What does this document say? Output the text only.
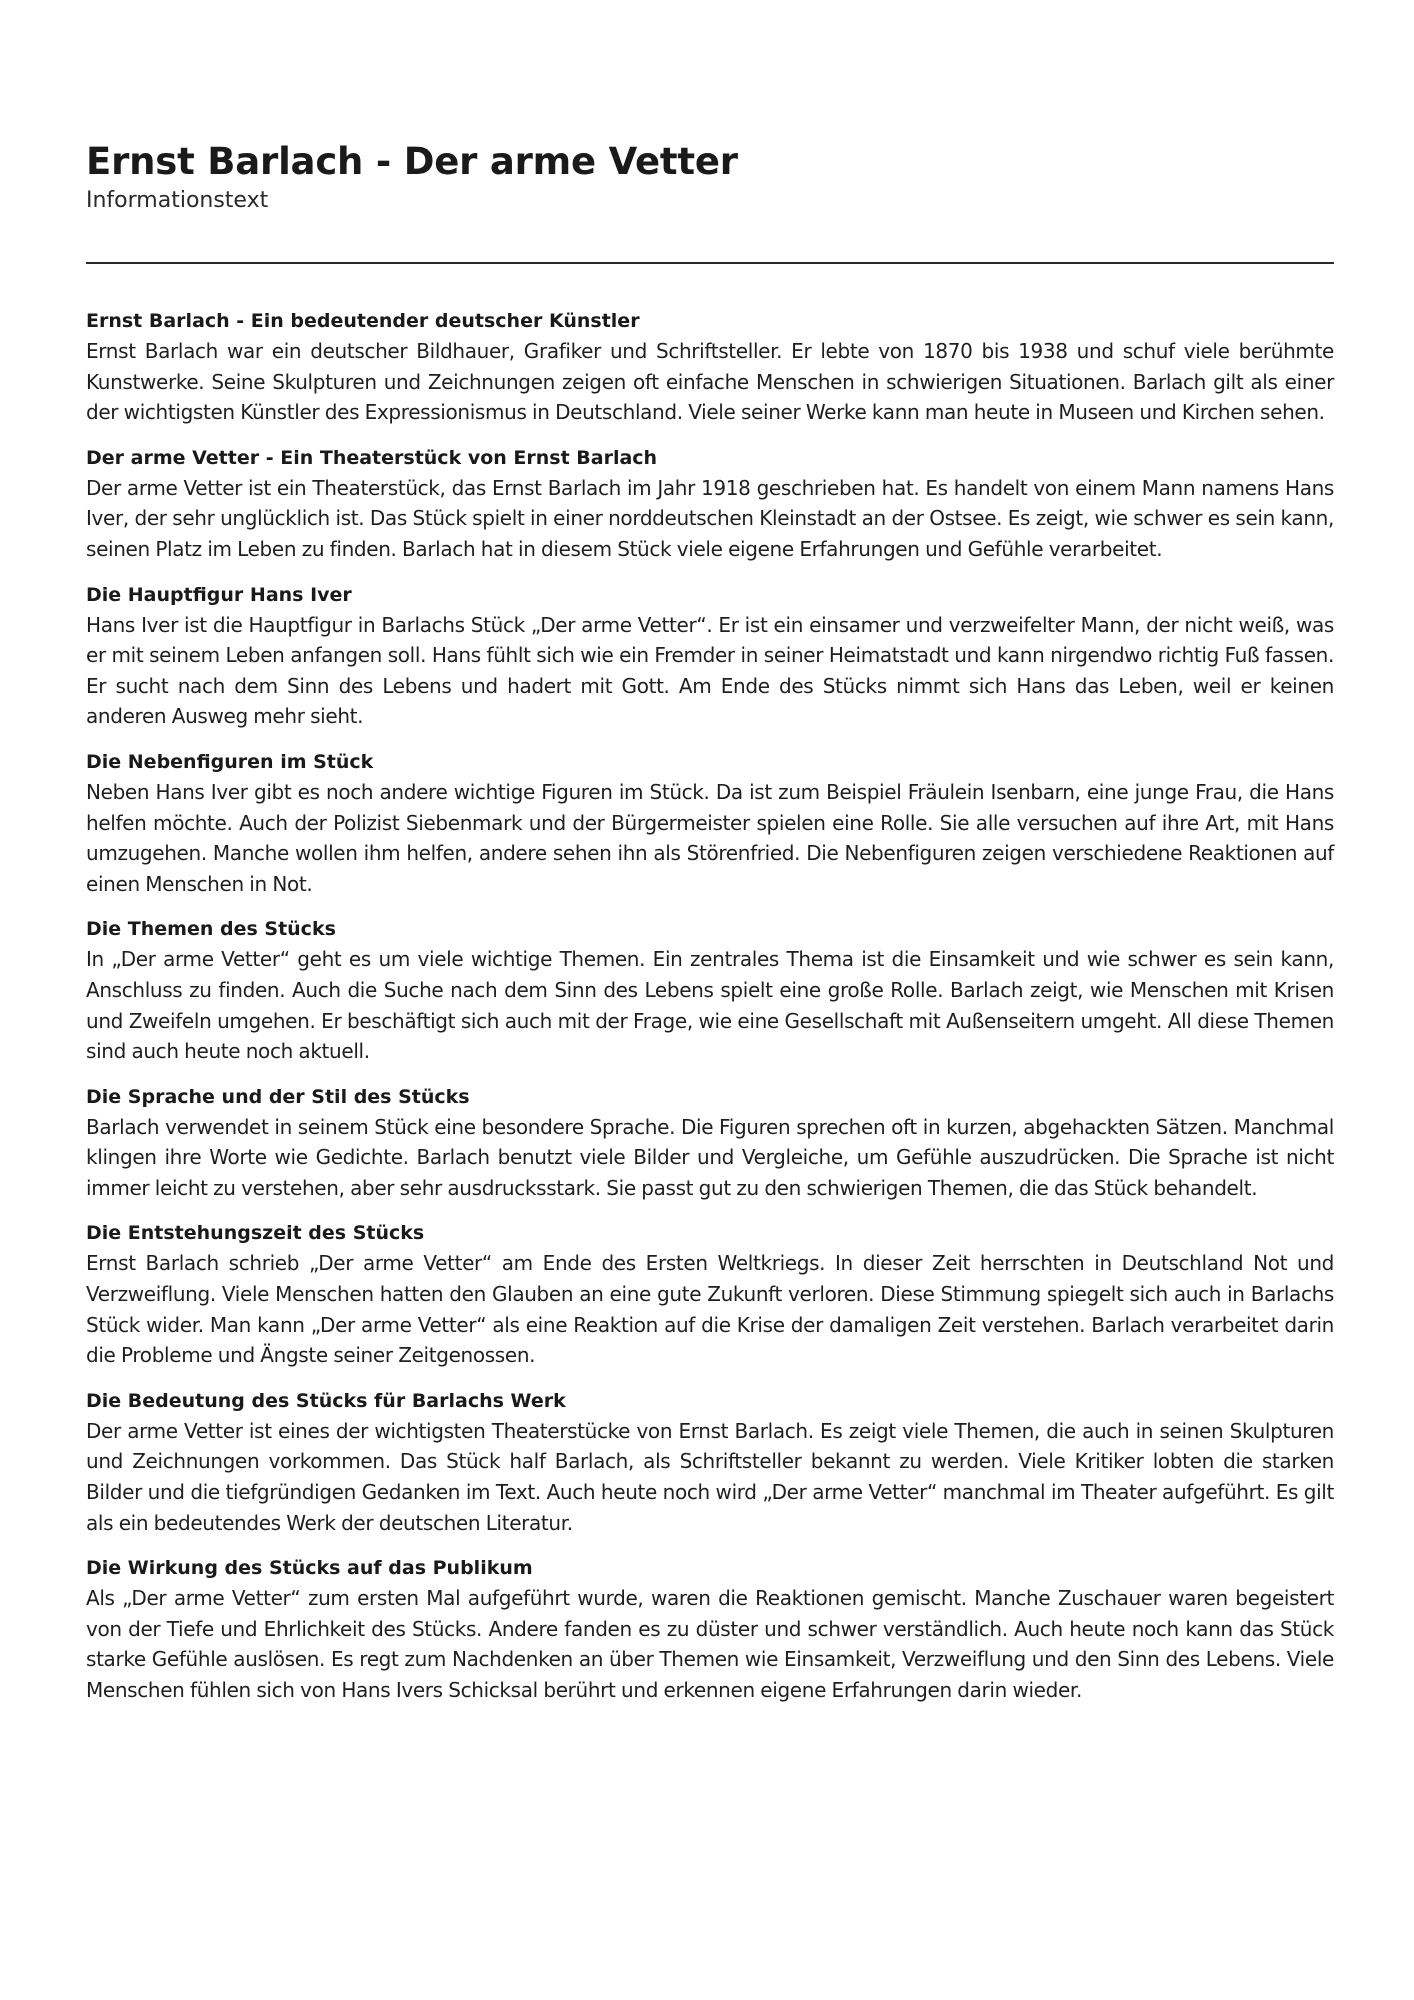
Ernst Barlach - Der arme Vetter
Informationstext
Ernst Barlach - Ein bedeutender deutscher Künstler

Ernst Barlach war ein deutscher Bildhauer, Grafiker und Schriftsteller. Er lebte von 1870 bis 1938 und schuf viele berühmte Kunstwerke. Seine Skulpturen und Zeichnungen zeigen oft einfache Menschen in schwierigen Situationen. Barlach gilt als einer der wichtigsten Künstler des Expressionismus in Deutschland. Viele seiner Werke kann man heute in Museen und Kirchen sehen.

Der arme Vetter - Ein Theaterstück von Ernst Barlach

Der arme Vetter ist ein Theaterstück, das Ernst Barlach im Jahr 1918 geschrieben hat. Es handelt von einem Mann namens Hans Iver, der sehr unglücklich ist. Das Stück spielt in einer norddeutschen Kleinstadt an der Ostsee. Es zeigt, wie schwer es sein kann, seinen Platz im Leben zu finden. Barlach hat in diesem Stück viele eigene Erfahrungen und Gefühle verarbeitet.

Die Hauptfigur Hans Iver

Hans Iver ist die Hauptfigur in Barlachs Stück „Der arme Vetter“. Er ist ein einsamer und verzweifelter Mann, der nicht weiß, was er mit seinem Leben anfangen soll. Hans fühlt sich wie ein Fremder in seiner Heimatstadt und kann nirgendwo richtig Fuß fassen. Er sucht nach dem Sinn des Lebens und hadert mit Gott. Am Ende des Stücks nimmt sich Hans das Leben, weil er keinen anderen Ausweg mehr sieht.

Die Nebenfiguren im Stück

Neben Hans Iver gibt es noch andere wichtige Figuren im Stück. Da ist zum Beispiel Fräulein Isenbarn, eine junge Frau, die Hans helfen möchte. Auch der Polizist Siebenmark und der Bürgermeister spielen eine Rolle. Sie alle versuchen auf ihre Art, mit Hans umzugehen. Manche wollen ihm helfen, andere sehen ihn als Störenfried. Die Nebenfiguren zeigen verschiedene Reaktionen auf einen Menschen in Not.

Die Themen des Stücks

In „Der arme Vetter“ geht es um viele wichtige Themen. Ein zentrales Thema ist die Einsamkeit und wie schwer es sein kann, Anschluss zu finden. Auch die Suche nach dem Sinn des Lebens spielt eine große Rolle. Barlach zeigt, wie Menschen mit Krisen und Zweifeln umgehen. Er beschäftigt sich auch mit der Frage, wie eine Gesellschaft mit Außenseitern umgeht. All diese Themen sind auch heute noch aktuell.

Die Sprache und der Stil des Stücks

Barlach verwendet in seinem Stück eine besondere Sprache. Die Figuren sprechen oft in kurzen, abgehackten Sätzen. Manchmal klingen ihre Worte wie Gedichte. Barlach benutzt viele Bilder und Vergleiche, um Gefühle auszudrücken. Die Sprache ist nicht immer leicht zu verstehen, aber sehr ausdrucksstark. Sie passt gut zu den schwierigen Themen, die das Stück behandelt.

Die Entstehungszeit des Stücks

Ernst Barlach schrieb „Der arme Vetter“ am Ende des Ersten Weltkriegs. In dieser Zeit herrschten in Deutschland Not und Verzweiflung. Viele Menschen hatten den Glauben an eine gute Zukunft verloren. Diese Stimmung spiegelt sich auch in Barlachs Stück wider. Man kann „Der arme Vetter“ als eine Reaktion auf die Krise der damaligen Zeit verstehen. Barlach verarbeitet darin die Probleme und Ängste seiner Zeitgenossen.

Die Bedeutung des Stücks für Barlachs Werk

Der arme Vetter ist eines der wichtigsten Theaterstücke von Ernst Barlach. Es zeigt viele Themen, die auch in seinen Skulpturen und Zeichnungen vorkommen. Das Stück half Barlach, als Schriftsteller bekannt zu werden. Viele Kritiker lobten die starken Bilder und die tiefgründigen Gedanken im Text. Auch heute noch wird „Der arme Vetter“ manchmal im Theater aufgeführt. Es gilt als ein bedeutendes Werk der deutschen Literatur.

Die Wirkung des Stücks auf das Publikum

Als „Der arme Vetter“ zum ersten Mal aufgeführt wurde, waren die Reaktionen gemischt. Manche Zuschauer waren begeistert von der Tiefe und Ehrlichkeit des Stücks. Andere fanden es zu düster und schwer verständlich. Auch heute noch kann das Stück starke Gefühle auslösen. Es regt zum Nachdenken an über Themen wie Einsamkeit, Verzweiflung und den Sinn des Lebens. Viele Menschen fühlen sich von Hans Ivers Schicksal berührt und erkennen eigene Erfahrungen darin wieder.
